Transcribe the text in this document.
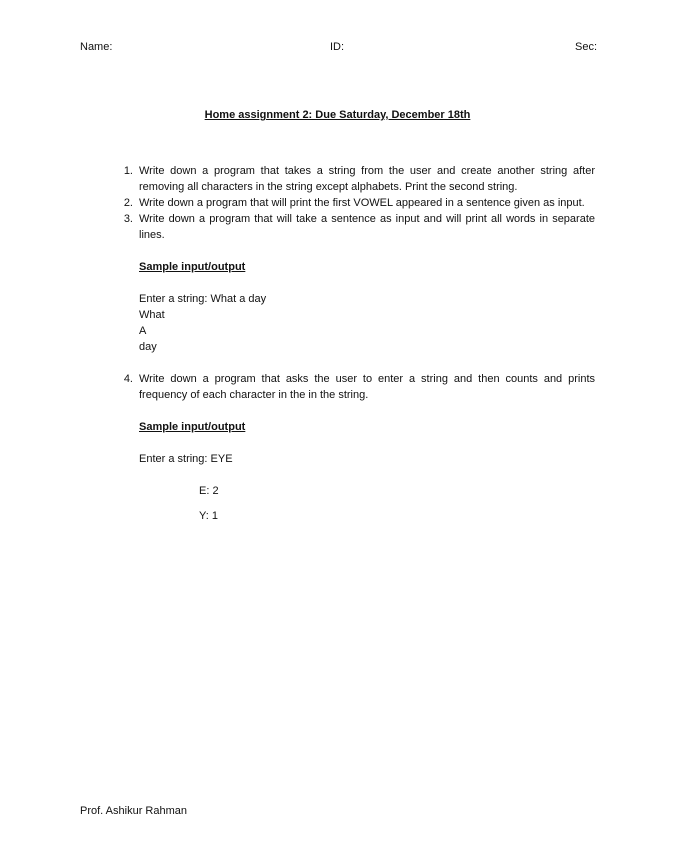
Name:	ID:	Sec:
Home assignment 2: Due Saturday, December 18th
1. Write down a program that takes a string from the user and create another string after removing all characters in the string except alphabets. Print the second string.
2. Write down a program that will print the first VOWEL appeared in a sentence given as input.
3. Write down a program that will take a sentence as input and will print all words in separate lines.
Sample input/output
Enter a string: What a day
What
A
day
4. Write down a program that asks the user to enter a string and then counts and prints frequency of each character in the in the string.
Sample input/output
Enter a string: EYE
E: 2
Y: 1
Prof. Ashikur Rahman
